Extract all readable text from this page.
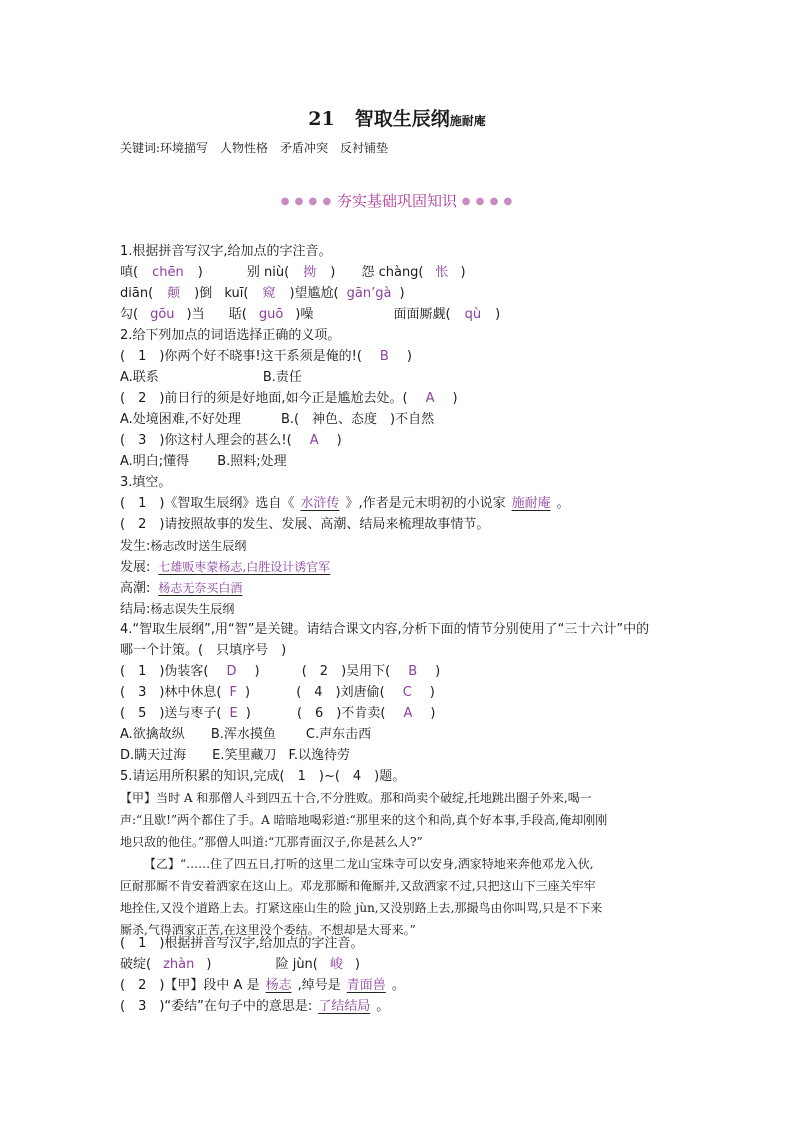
21 智取生辰纲施耐庵
关键词:环境描写　人物性格　矛盾冲突　反衬铺垫
● ● ● ● 夯实基础巩固知识 ● ● ● ●
1.根据拼音写汉字,给加点的字注音。
嗔( chēn )	别 niù( 拗 ) 怨 chàng( 怅 )
diān( 颠 )倒 kuī( 窥 )望尴尬( gān’gà )
勾( gōu )当 聒( guō )噪	面面厮觑( qù )
2.给下列加点的词语选择正确的义项。
(　1　)你两个好不晓事!这干系须是俺的!( B )
A.联系	B.责任
(　2　)前日行的须是好地面,如今正是尴尬去处。( A )
A.处境困难,不好处理	B.(　神色、态度　)不自然
(　3　)你这村人理会的甚么!( A )
A.明白;懂得 B.照料;处理
3.填空。
(　1　)《智取生辰纲》选自《 水浒传 》,作者是元末明初的小说家 施耐庵 。
(　2　)请按照故事的发生、发展、高潮、结局来梳理故事情节。
发生:杨志改时送生辰纲
发展: 七雄贩枣蒙杨志,白胜设计诱官军
高潮: 杨志无奈买白酒
结局:杨志误失生辰纲
4.“智取生辰纲”,用“智”是关键。请结合课文内容,分析下面的情节分别使用了“三十六计”中的
哪一个计策。(　只填序号　)
(　1　)伪装客( D )	(　2　)吴用下( B )
(　3　)林中休息( F )	(　4　)刘唐偷( C )
(　5　)送与枣子( E )	(　6　)不肯卖( A )
A.欲擒故纵 B.浑水摸鱼 C.声东击西
D.瞒天过海 E.笑里藏刀 F.以逸待劳
5.请运用所积累的知识,完成(　1　)~(　4　)题。
【甲】当时 A 和那僧人斗到四五十合,不分胜败。那和尚卖个破绽,托地跳出圈子外来,喝一
声:“且歇!”两个都住了手。A 暗暗地喝彩道:“那里来的这个和尚,真个好本事,手段高,俺却刚刚
地只敌的他住。”那僧人叫道:“兀那青面汉子,你是甚么人?”
【乙】“……住了四五日,打听的这里二龙山宝珠寺可以安身,洒家特地来奔他邓龙入伙,
叵耐那厮不肯安着洒家在这山上。邓龙那厮和俺厮并,又敌洒家不过,只把这山下三座关牢牢
地拴住,又没个道路上去。打紧这座山生的险 jùn,又没别路上去,那撮鸟由你叫骂,只是不下来
厮杀,气得洒家正苦,在这里没个委结。不想却是大哥来。”
(　1　)根据拼音写汉字,给加点的字注音。
破绽( zhàn )	险 jùn( 峻 )
(　2　)【甲】段中 A 是 杨志 ,绰号是 青面兽 。
(　3　)“委结”在句子中的意思是: 了结结局 。
